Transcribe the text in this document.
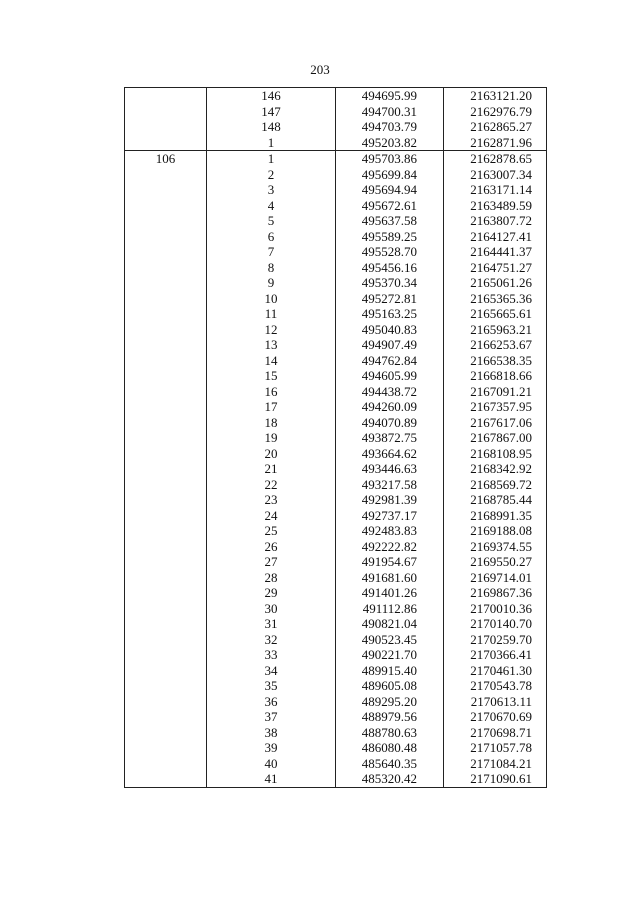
203
	146	494695.99	2163121.20
	147	494700.31	2162976.79
	148	494703.79	2162865.27
	1	495203.82	2162871.96
106	1	495703.86	2162878.65
	2	495699.84	2163007.34
	3	495694.94	2163171.14
	4	495672.61	2163489.59
	5	495637.58	2163807.72
	6	495589.25	2164127.41
	7	495528.70	2164441.37
	8	495456.16	2164751.27
	9	495370.34	2165061.26
	10	495272.81	2165365.36
	11	495163.25	2165665.61
	12	495040.83	2165963.21
	13	494907.49	2166253.67
	14	494762.84	2166538.35
	15	494605.99	2166818.66
	16	494438.72	2167091.21
	17	494260.09	2167357.95
	18	494070.89	2167617.06
	19	493872.75	2167867.00
	20	493664.62	2168108.95
	21	493446.63	2168342.92
	22	493217.58	2168569.72
	23	492981.39	2168785.44
	24	492737.17	2168991.35
	25	492483.83	2169188.08
	26	492222.82	2169374.55
	27	491954.67	2169550.27
	28	491681.60	2169714.01
	29	491401.26	2169867.36
	30	491112.86	2170010.36
	31	490821.04	2170140.70
	32	490523.45	2170259.70
	33	490221.70	2170366.41
	34	489915.40	2170461.30
	35	489605.08	2170543.78
	36	489295.20	2170613.11
	37	488979.56	2170670.69
	38	488780.63	2170698.71
	39	486080.48	2171057.78
	40	485640.35	2171084.21
	41	485320.42	2171090.61
